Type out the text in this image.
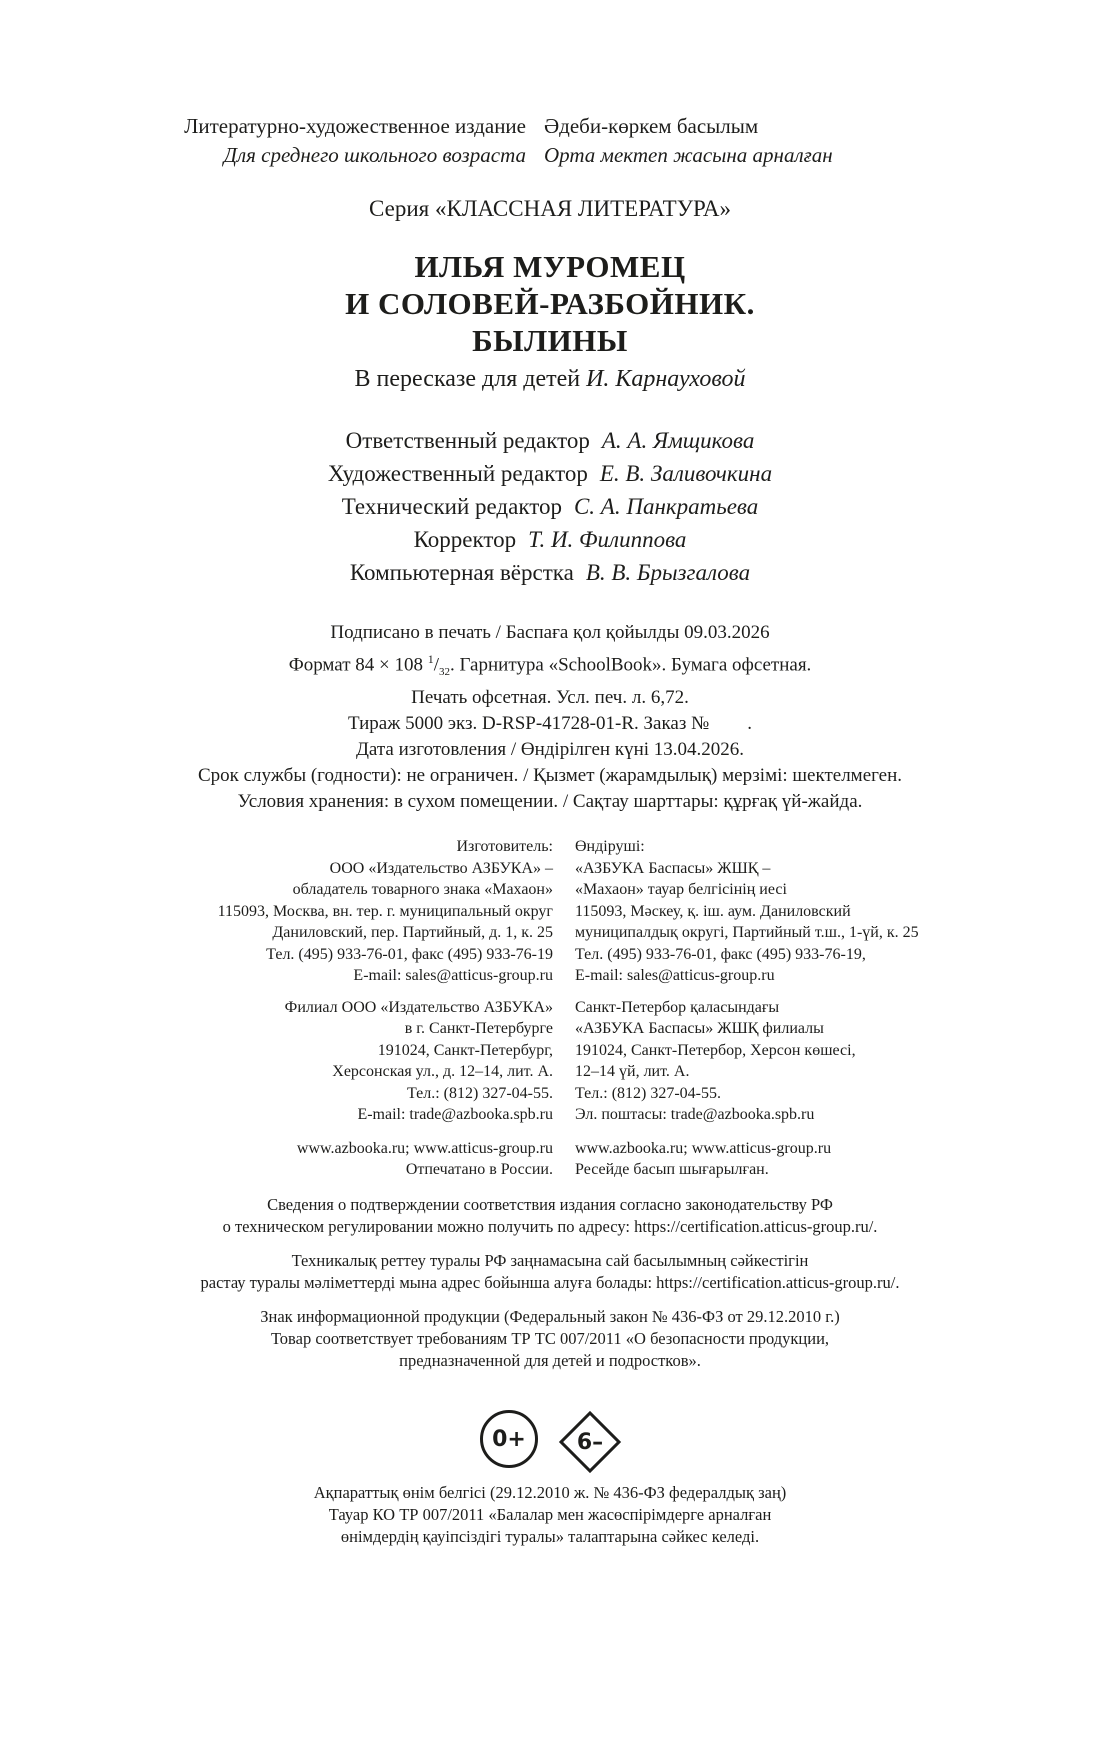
Литературно-художественное издание
Для среднего школьного возраста
Әдеби-көркем басылым
Орта мектеп жасына арналған
Серия «КЛАССНАЯ ЛИТЕРАТУРА»
ИЛЬЯ МУРОМЕЦ
И СОЛОВЕЙ-РАЗБОЙНИК.
БЫЛИНЫ
В пересказе для детей И. Карнауховой
Ответственный редактор А. А. Ямщикова
Художественный редактор Е. В. Заливочкина
Технический редактор С. А. Панкратьева
Корректор Т. И. Филиппова
Компьютерная вёрстка В. В. Брызгалова
Подписано в печать / Баспаға қол қойылды 09.03.2026
Формат 84 × 108 $^1/_{32}$. Гарнитура «SchoolBook». Бумага офсетная.
Печать офсетная. Усл. печ. л. 6,72.
Тираж 5000 экз. D-RSP-41728-01-R. Заказ №        .
Дата изготовления / Өндірілген күні 13.04.2026.
Срок службы (годности): не ограничен. / Қызмет (жарамдылық) мерзімі: шектелмеген.
Условия хранения: в сухом помещении. / Сақтау шарттары: құрғақ үй-жайда.
Изготовитель:
ООО «Издательство АЗБУКА» –
обладатель товарного знака «Махаон»
115093, Москва, вн. тер. г. муниципальный округ
Даниловский, пер. Партийный, д. 1, к. 25
Тел. (495) 933-76-01, факс (495) 933-76-19
E-mail: sales@atticus-group.ru
Филиал ООО «Издательство АЗБУКА»
в г. Санкт-Петербурге
191024, Санкт-Петербург,
Херсонская ул., д. 12–14, лит. А.
Тел.: (812) 327-04-55.
E-mail: trade@azbooka.spb.ru
www.azbooka.ru; www.atticus-group.ru
Отпечатано в России.
Өндіруші:
«АЗБУКА Баспасы» ЖШҚ –
«Махаон» тауар белгісінің иесі
115093, Мәскеу, қ. іш. аум. Даниловский
муниципалдық округі, Партийный т.ш., 1-үй, к. 25
Тел. (495) 933-76-01, факс (495) 933-76-19,
E-mail: sales@atticus-group.ru
Санкт-Петербор қаласындағы
«АЗБУКА Баспасы» ЖШҚ филиалы
191024, Санкт-Петербор, Херсон көшесі,
12–14 үй, лит. А.
Тел.: (812) 327-04-55.
Эл. поштасы: trade@azbooka.spb.ru
www.azbooka.ru; www.atticus-group.ru
Ресейде басып шығарылған.
Сведения о подтверждении соответствия издания согласно законодательству РФ
о техническом регулировании можно получить по адресу: https://certification.atticus-group.ru/.
Техникалық реттеу туралы РФ заңнамасына сай басылымның сәйкестігін
растау туралы мәліметтерді мына адрес бойынша алуға болады: https://certification.atticus-group.ru/.
Знак информационной продукции (Федеральный закон № 436-ФЗ от 29.12.2010 г.)
Товар соответствует требованиям ТР ТС 007/2011 «О безопасности продукции,
предназначенной для детей и подростков».
0+	6–
Ақпараттық өнім белгісі (29.12.2010 ж. № 436-ФЗ федералдық заң)
Тауар КО ТР 007/2011 «Балалар мен жасөспірімдерге арналған
өнімдердің қауіпсіздігі туралы» талаптарына сәйкес келеді.
